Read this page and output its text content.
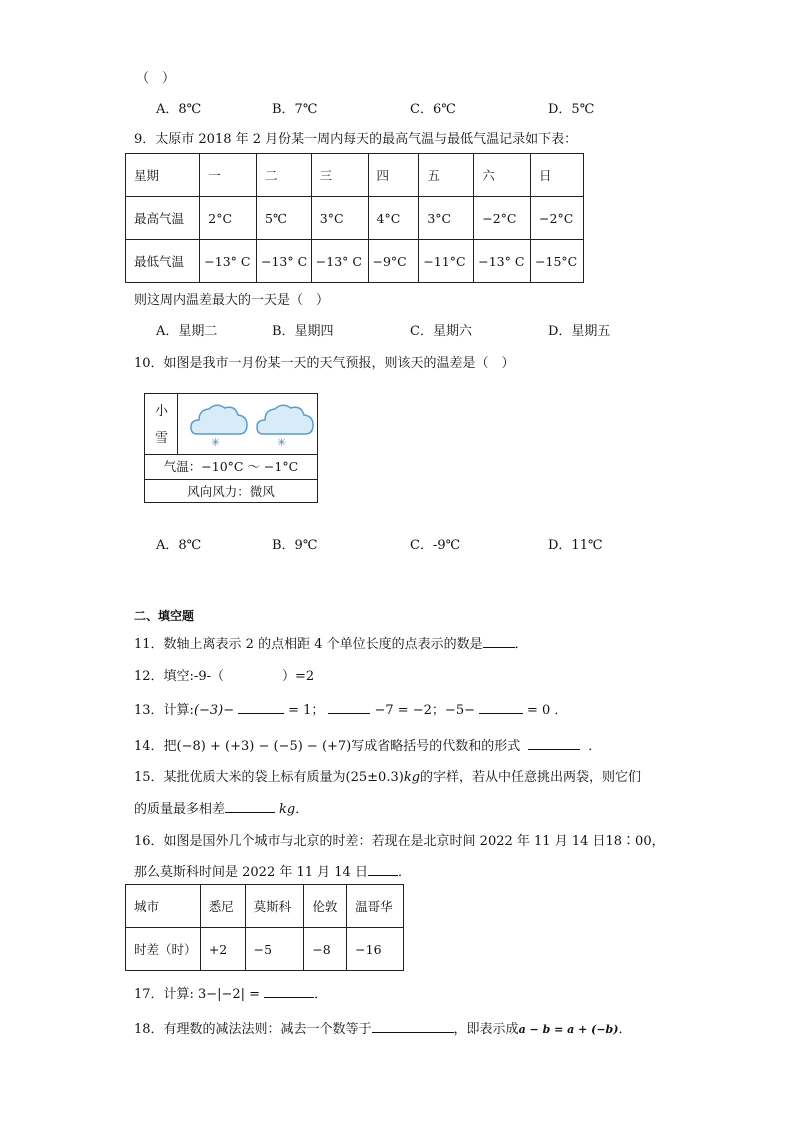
（　）
A．8℃	B．7℃	C．6℃	D．5℃
9．太原市 2018 年 2 月份某一周内每天的最高气温与最低气温记录如下表：
星期	一	二	三	四	五	六	日
最高气温	2°C	5℃	3°C	4°C	3°C	−2°C	−2°C
最低气温	−13° C	−13° C	−13° C	−9°C	−11°C	−13° C	−15°C
则这周内温差最大的一天是（　）
A．星期二	B．星期四	C．星期六	D．星期五
10．如图是我市一月份某一天的天气预报，则该天的温差是（　）
小
雪	✳	✳
气温：−10°C ～ −1°C
风向风力：微风
A．8℃	B．9℃	C．-9℃	D．11℃
二、填空题
11．数轴上离表示 2 的点相距 4 个单位长度的点表示的数是 ．
12．填空:-9-（	）=2
13．计算:(−3)−	= 1；	−7 = −2；−5−	= 0 ．
14．把(−8) + (+3) − (−5) − (+7)写成省略括号的代数和的形式	．
15．某批优质大米的袋上标有质量为(25±0.3)kg的字样，若从中任意挑出两袋，则它们
的质量最多相差	kg．
16．如图是国外几个城市与北京的时差：若现在是北京时间 2022 年 11 月 14 日18∶00，
那么莫斯科时间是 2022 年 11 月 14 日 ．
城市	悉尼	莫斯科	伦敦	温哥华
时差（时）	+2	−5	−8	−16
17．计算: 3−|−2| =	．
18．有理数的减法法则：减去一个数等于	，即表示成a − b = a + (−b)．
